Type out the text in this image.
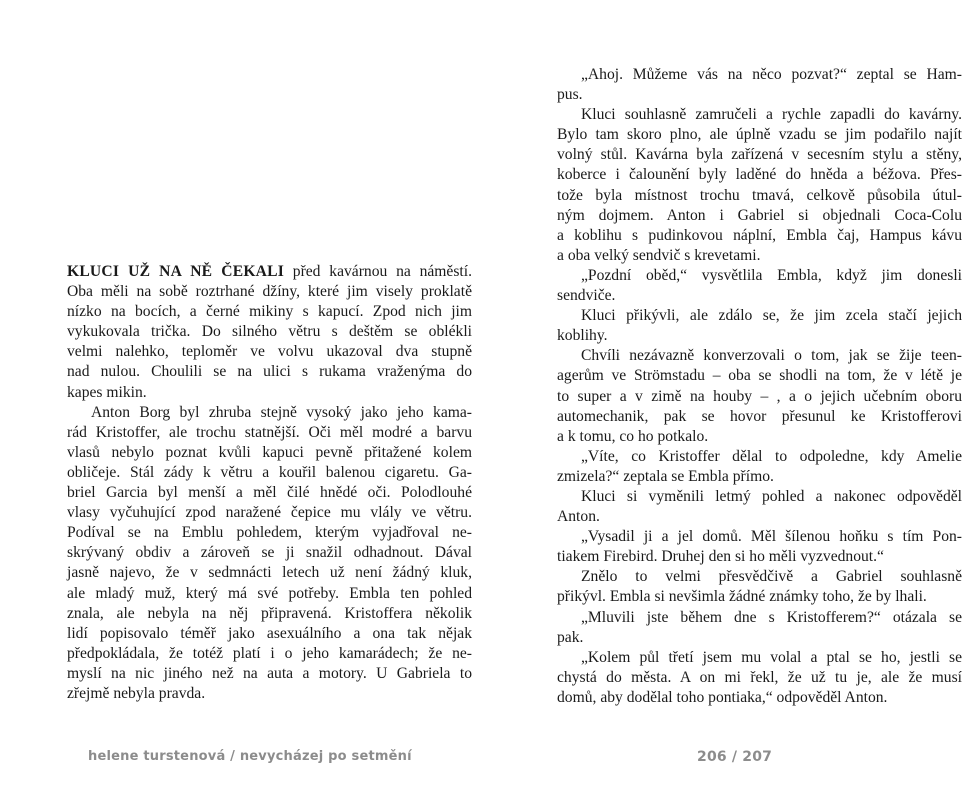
KLUCI UŽ NA NĚ ČEKALI před kavárnou na náměstí.
Oba měli na sobě roztrhané džíny, které jim visely proklatě
nízko na bocích, a černé mikiny s kapucí. Zpod nich jim
vykukovala trička. Do silného větru s deštěm se oblékli
velmi nalehko, teploměr ve volvu ukazoval dva stupně
nad nulou. Choulili se na ulici s rukama vraženýma do
kapes mikin.
Anton Borg byl zhruba stejně vysoký jako jeho kama-
rád Kristoffer, ale trochu statnější. Oči měl modré a barvu
vlasů nebylo poznat kvůli kapuci pevně přitažené kolem
obličeje. Stál zády k větru a kouřil balenou cigaretu. Ga-
briel Garcia byl menší a měl čilé hnědé oči. Polodlouhé
vlasy vyčuhující zpod naražené čepice mu vlály ve větru.
Podíval se na Emblu pohledem, kterým vyjadřoval ne-
skrývaný obdiv a zároveň se ji snažil odhadnout. Dával
jasně najevo, že v sedmnácti letech už není žádný kluk,
ale mladý muž, který má své potřeby. Embla ten pohled
znala, ale nebyla na něj připravená. Kristoffera několik
lidí popisovalo téměř jako asexuálního a ona tak nějak
předpokládala, že totéž platí i o jeho kamarádech; že ne-
myslí na nic jiného než na auta a motory. U Gabriela to
zřejmě nebyla pravda.
„Ahoj. Můžeme vás na něco pozvat?“ zeptal se Ham-
pus.
Kluci souhlasně zamručeli a rychle zapadli do kavárny.
Bylo tam skoro plno, ale úplně vzadu se jim podařilo najít
volný stůl. Kavárna byla zařízená v secesním stylu a stěny,
koberce i čalounění byly laděné do hněda a béžova. Přes-
tože byla místnost trochu tmavá, celkově působila útul-
ným dojmem. Anton i Gabriel si objednali Coca-Colu
a koblihu s pudinkovou náplní, Embla čaj, Hampus kávu
a oba velký sendvič s krevetami.
„Pozdní oběd,“ vysvětlila Embla, když jim donesli
sendviče.
Kluci přikývli, ale zdálo se, že jim zcela stačí jejich
koblihy.
Chvíli nezávazně konverzovali o tom, jak se žije teen-
agerům ve Strömstadu – oba se shodli na tom, že v létě je
to super a v zimě na houby – , a o jejich učebním oboru
automechanik, pak se hovor přesunul ke Kristofferovi
a k tomu, co ho potkalo.
„Víte, co Kristoffer dělal to odpoledne, kdy Amelie
zmizela?“ zeptala se Embla přímo.
Kluci si vyměnili letmý pohled a nakonec odpověděl
Anton.
„Vysadil ji a jel domů. Měl šílenou hoňku s tím Pon-
tiakem Firebird. Druhej den si ho měli vyzvednout.“
Znělo to velmi přesvědčivě a Gabriel souhlasně
přikývl. Embla si nevšimla žádné známky toho, že by lhali.
„Mluvili jste během dne s Kristofferem?“ otázala se
pak.
„Kolem půl třetí jsem mu volal a ptal se ho, jestli se
chystá do města. A on mi řekl, že už tu je, ale že musí
domů, aby dodělal toho pontiaka,“ odpověděl Anton.
helene turstenová / nevycházej po setmění	206 / 207
